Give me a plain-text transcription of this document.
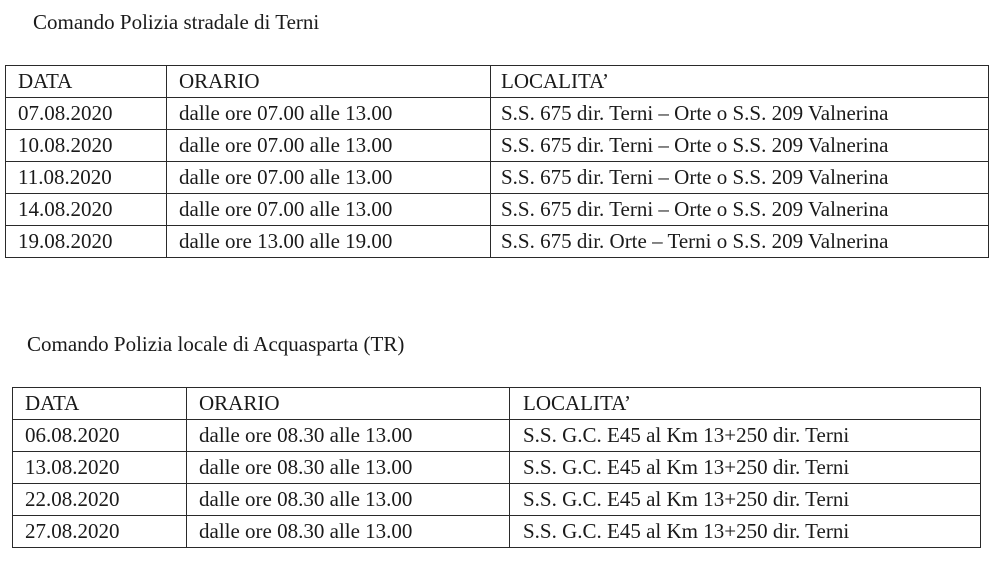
Comando Polizia stradale di Terni
DATA	ORARIO	LOCALITA’
07.08.2020	dalle ore 07.00 alle 13.00	S.S. 675 dir. Terni – Orte o S.S. 209 Valnerina
10.08.2020	dalle ore 07.00 alle 13.00	S.S. 675 dir. Terni – Orte o S.S. 209 Valnerina
11.08.2020	dalle ore 07.00 alle 13.00	S.S. 675 dir. Terni – Orte o S.S. 209 Valnerina
14.08.2020	dalle ore 07.00 alle 13.00	S.S. 675 dir. Terni – Orte o S.S. 209 Valnerina
19.08.2020	dalle ore 13.00 alle 19.00	S.S. 675 dir. Orte – Terni o S.S. 209 Valnerina
Comando Polizia locale di Acquasparta (TR)
DATA	ORARIO	LOCALITA’
06.08.2020	dalle ore 08.30 alle 13.00	S.S. G.C. E45 al Km 13+250 dir. Terni
13.08.2020	dalle ore 08.30 alle 13.00	S.S. G.C. E45 al Km 13+250 dir. Terni
22.08.2020	dalle ore 08.30 alle 13.00	S.S. G.C. E45 al Km 13+250 dir. Terni
27.08.2020	dalle ore 08.30 alle 13.00	S.S. G.C. E45 al Km 13+250 dir. Terni
